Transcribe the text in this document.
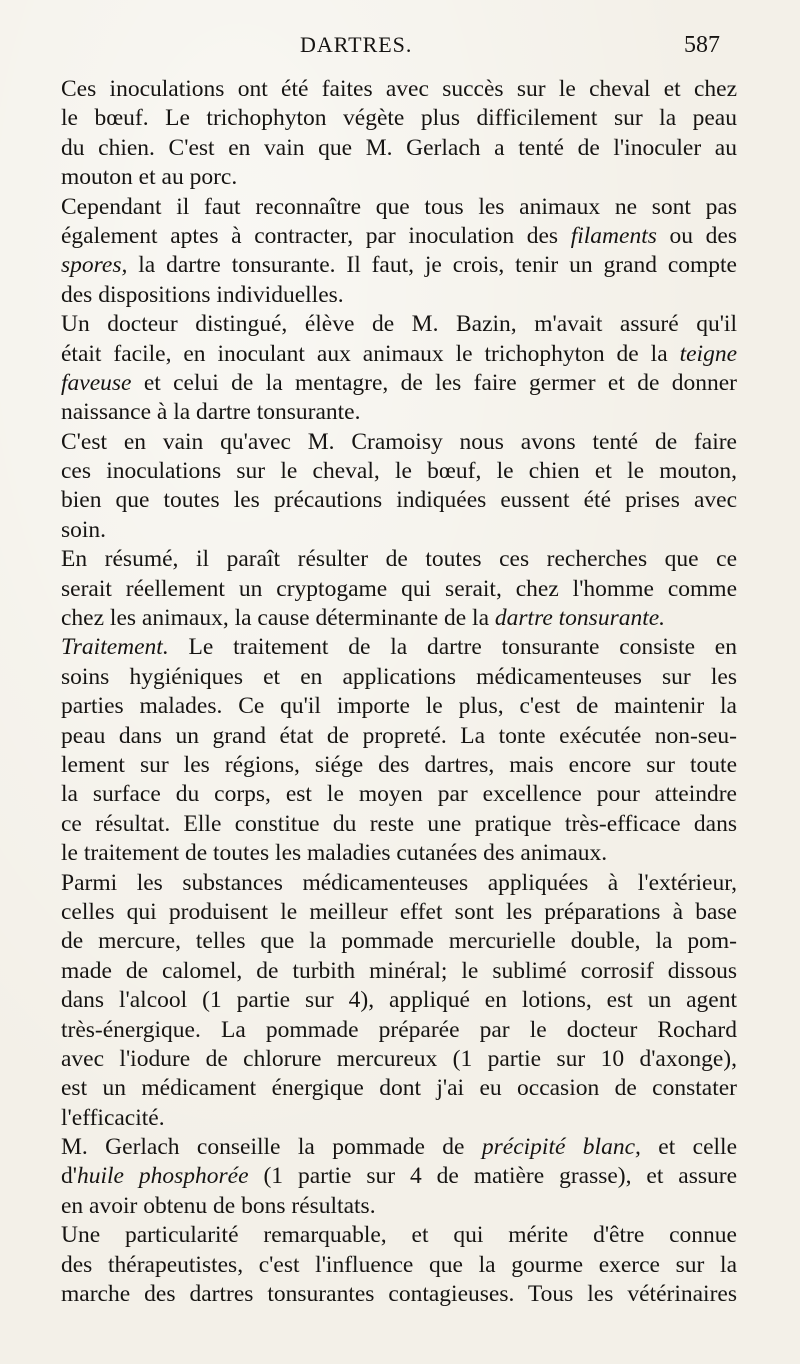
DARTRES.	587
Ces inoculations ont été faites avec succès sur le cheval et chez
le bœuf. Le trichophyton végète plus difficilement sur la peau
du chien. C'est en vain que M. Gerlach a tenté de l'inoculer au
mouton et au porc.
Cependant il faut reconnaître que tous les animaux ne sont pas
également aptes à contracter, par inoculation des filaments ou des
spores, la dartre tonsurante. Il faut, je crois, tenir un grand compte
des dispositions individuelles.
Un docteur distingué, élève de M. Bazin, m'avait assuré qu'il
était facile, en inoculant aux animaux le trichophyton de la teigne
faveuse et celui de la mentagre, de les faire germer et de donner
naissance à la dartre tonsurante.
C'est en vain qu'avec M. Cramoisy nous avons tenté de faire
ces inoculations sur le cheval, le bœuf, le chien et le mouton,
bien que toutes les précautions indiquées eussent été prises avec
soin.
En résumé, il paraît résulter de toutes ces recherches que ce
serait réellement un cryptogame qui serait, chez l'homme comme
chez les animaux, la cause déterminante de la dartre tonsurante.
Traitement. Le traitement de la dartre tonsurante consiste en
soins hygiéniques et en applications médicamenteuses sur les
parties malades. Ce qu'il importe le plus, c'est de maintenir la
peau dans un grand état de propreté. La tonte exécutée non-seu-
lement sur les régions, siége des dartres, mais encore sur toute
la surface du corps, est le moyen par excellence pour atteindre
ce résultat. Elle constitue du reste une pratique très-efficace dans
le traitement de toutes les maladies cutanées des animaux.
Parmi les substances médicamenteuses appliquées à l'extérieur,
celles qui produisent le meilleur effet sont les préparations à base
de mercure, telles que la pommade mercurielle double, la pom-
made de calomel, de turbith minéral; le sublimé corrosif dissous
dans l'alcool (1 partie sur 4), appliqué en lotions, est un agent
très-énergique. La pommade préparée par le docteur Rochard
avec l'iodure de chlorure mercureux (1 partie sur 10 d'axonge),
est un médicament énergique dont j'ai eu occasion de constater
l'efficacité.
M. Gerlach conseille la pommade de précipité blanc, et celle
d'huile phosphorée (1 partie sur 4 de matière grasse), et assure
en avoir obtenu de bons résultats.
Une particularité remarquable, et qui mérite d'être connue
des thérapeutistes, c'est l'influence que la gourme exerce sur la
marche des dartres tonsurantes contagieuses. Tous les vétérinaires
